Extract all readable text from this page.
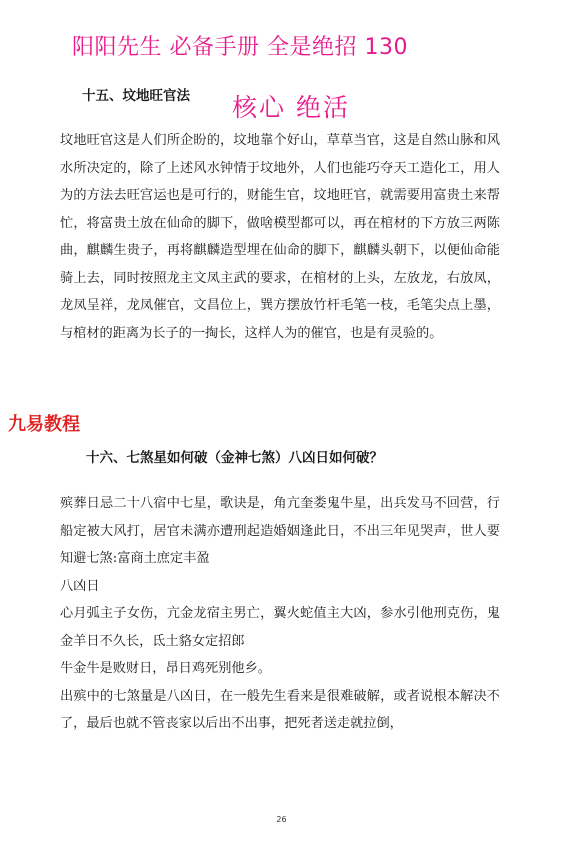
阳阳先生 必备手册 全是绝招 130
核心 绝活
十五、坟地旺官法

坟地旺官这是人们所企盼的，坟地靠个好山，草草当官，这是自然山脉和风水所决定的，除了上述风水钟情于坟地外，人们也能巧夺天工造化工，用人为的方法去旺宫运也是可行的，财能生官，坟地旺官，就需要用富贵土来帮忙，将富贵土放在仙命的脚下，做啥模型都可以，再在棺材的下方放三两陈曲，麒麟生贵子，再将麒麟造型埋在仙命的脚下，麒麟头朝下，以便仙命能骑上去，同时按照龙主文凤主武的要求，在棺材的上头，左放龙，右放凤，龙凤呈祥，龙凤催官，文昌位上，巽方摆放竹杆毛笔一枝，毛笔尖点上墨，与棺材的距离为长子的一掏长，这样人为的催官，也是有灵验的。

九易教程
十六、七煞星如何破（金神七煞）八凶日如何破？

殡葬日忌二十八宿中七星，歌诀是，角亢奎娄鬼牛星，出兵发马不回营，行船定被大风打，居官未满亦遭刑起造婚姻逢此日，不出三年见哭声，世人要知避七煞:富商土庶定丰盈

八凶日

心月弧主子女伤，亢金龙宿主男亡，翼火蛇值主大凶，参水引他刑克伤，鬼金羊日不久长，氐土貉女定招郎

牛金牛是败财日，昂日鸡死别他乡。

出殡中的七煞量是八凶日，在一般先生看来是很难破解，或者说根本解决不了，最后也就不管丧家以后出不出事，把死者送走就拉倒，

26
